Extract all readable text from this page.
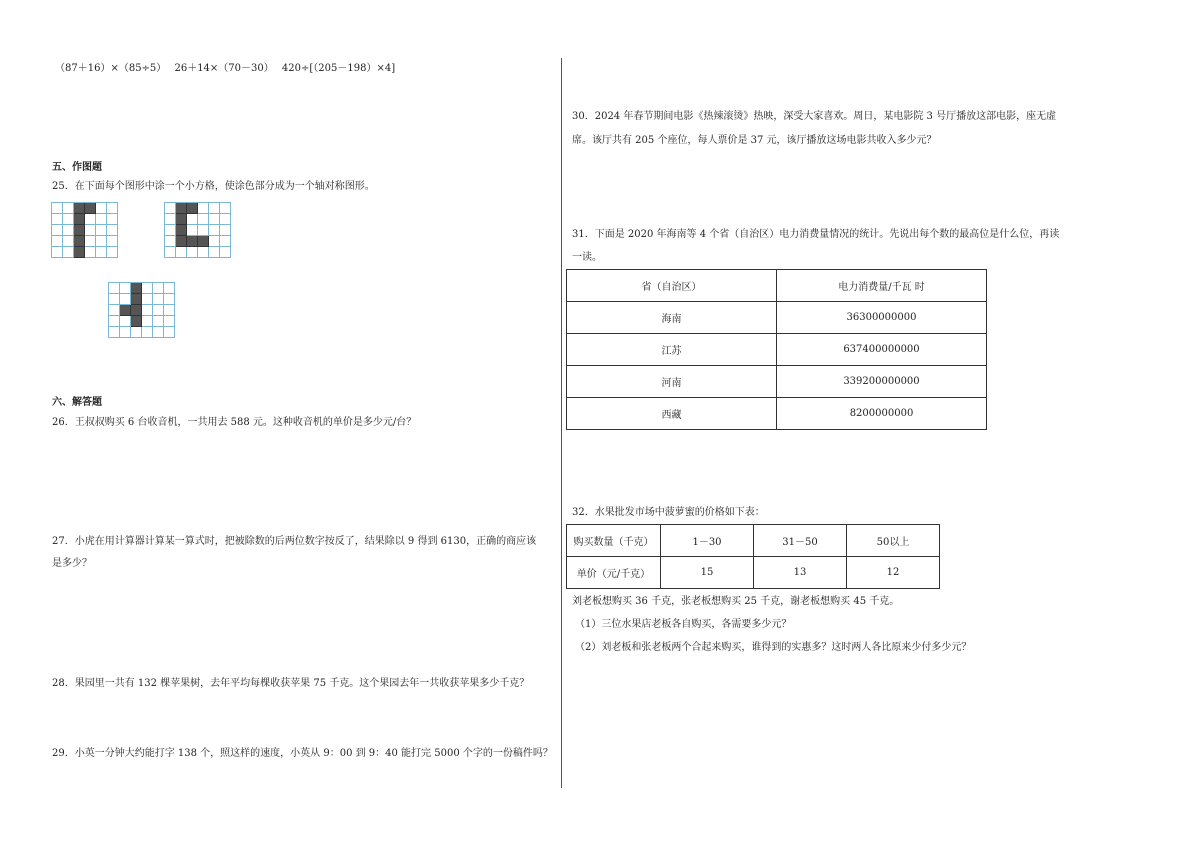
（87＋16）×（85÷5）　 26＋14×（70－30）　 420÷[（205－198）×4]
五、作图题
25．在下面每个图形中涂一个小方格，使涂色部分成为一个轴对称图形。
六、解答题
26．王叔叔购买 6 台收音机，一共用去 588 元。这种收音机的单价是多少元/台？
27．小虎在用计算器计算某一算式时，把被除数的后两位数字按反了，结果除以 9 得到 6130，正确的商应该
是多少？
28．果园里一共有 132 棵苹果树，去年平均每棵收获苹果 75 千克。这个果园去年一共收获苹果多少千克？
29．小英一分钟大约能打字 138 个，照这样的速度，小英从 9：00 到 9：40 能打完 5000 个字的一份稿件吗？
30．2024 年春节期间电影《热辣滚烫》热映，深受大家喜欢。周日，某电影院 3 号厅播放这部电影，座无虚
席。该厅共有 205 个座位，每人票价是 37 元，该厅播放这场电影共收入多少元？
31．下面是 2020 年海南等 4 个省（自治区）电力消费量情况的统计。先说出每个数的最高位是什么位，再读
一读。
省（自治区）	电力消费量/千瓦 时
海南	36300000000
江苏	637400000000
河南	339200000000
西藏	8200000000
32．水果批发市场中菠萝蜜的价格如下表：
购买数量（千克）	1－30	31－50	50以上
单价（元/千克）	15	13	12
刘老板想购买 36 千克，张老板想购买 25 千克，谢老板想购买 45 千克。
（1）三位水果店老板各自购买，各需要多少元？
（2）刘老板和张老板两个合起来购买，谁得到的实惠多？这时两人各比原来少付多少元？
